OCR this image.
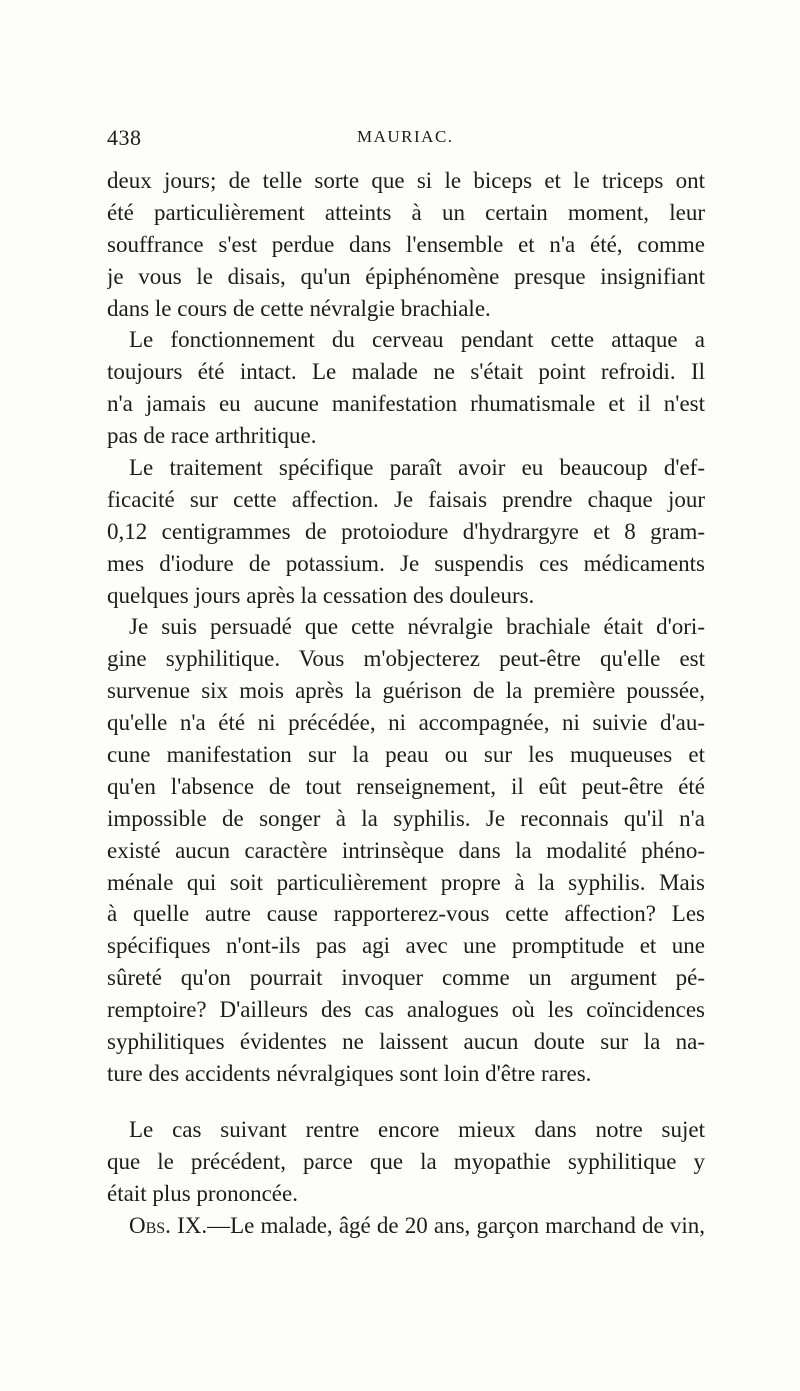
438	MAURIAC.
deux jours; de telle sorte que si le biceps et le triceps ont
été particulièrement atteints à un certain moment, leur
souffrance s'est perdue dans l'ensemble et n'a été, comme
je vous le disais, qu'un épiphénomène presque insignifiant
dans le cours de cette névralgie brachiale.
Le fonctionnement du cerveau pendant cette attaque a
toujours été intact. Le malade ne s'était point refroidi. Il
n'a jamais eu aucune manifestation rhumatismale et il n'est
pas de race arthritique.
Le traitement spécifique paraît avoir eu beaucoup d'ef-
ficacité sur cette affection. Je faisais prendre chaque jour
0,12 centigrammes de protoiodure d'hydrargyre et 8 gram-
mes d'iodure de potassium. Je suspendis ces médicaments
quelques jours après la cessation des douleurs.
Je suis persuadé que cette névralgie brachiale était d'ori-
gine syphilitique. Vous m'objecterez peut-être qu'elle est
survenue six mois après la guérison de la première poussée,
qu'elle n'a été ni précédée, ni accompagnée, ni suivie d'au-
cune manifestation sur la peau ou sur les muqueuses et
qu'en l'absence de tout renseignement, il eût peut-être été
impossible de songer à la syphilis. Je reconnais qu'il n'a
existé aucun caractère intrinsèque dans la modalité phéno-
ménale qui soit particulièrement propre à la syphilis. Mais
à quelle autre cause rapporterez-vous cette affection? Les
spécifiques n'ont-ils pas agi avec une promptitude et une
sûreté qu'on pourrait invoquer comme un argument pé-
remptoire? D'ailleurs des cas analogues où les coïncidences
syphilitiques évidentes ne laissent aucun doute sur la na-
ture des accidents névralgiques sont loin d'être rares.
Le cas suivant rentre encore mieux dans notre sujet
que le précédent, parce que la myopathie syphilitique y
était plus prononcée.
Obs. IX.—Le malade, âgé de 20 ans, garçon marchand de vin,
